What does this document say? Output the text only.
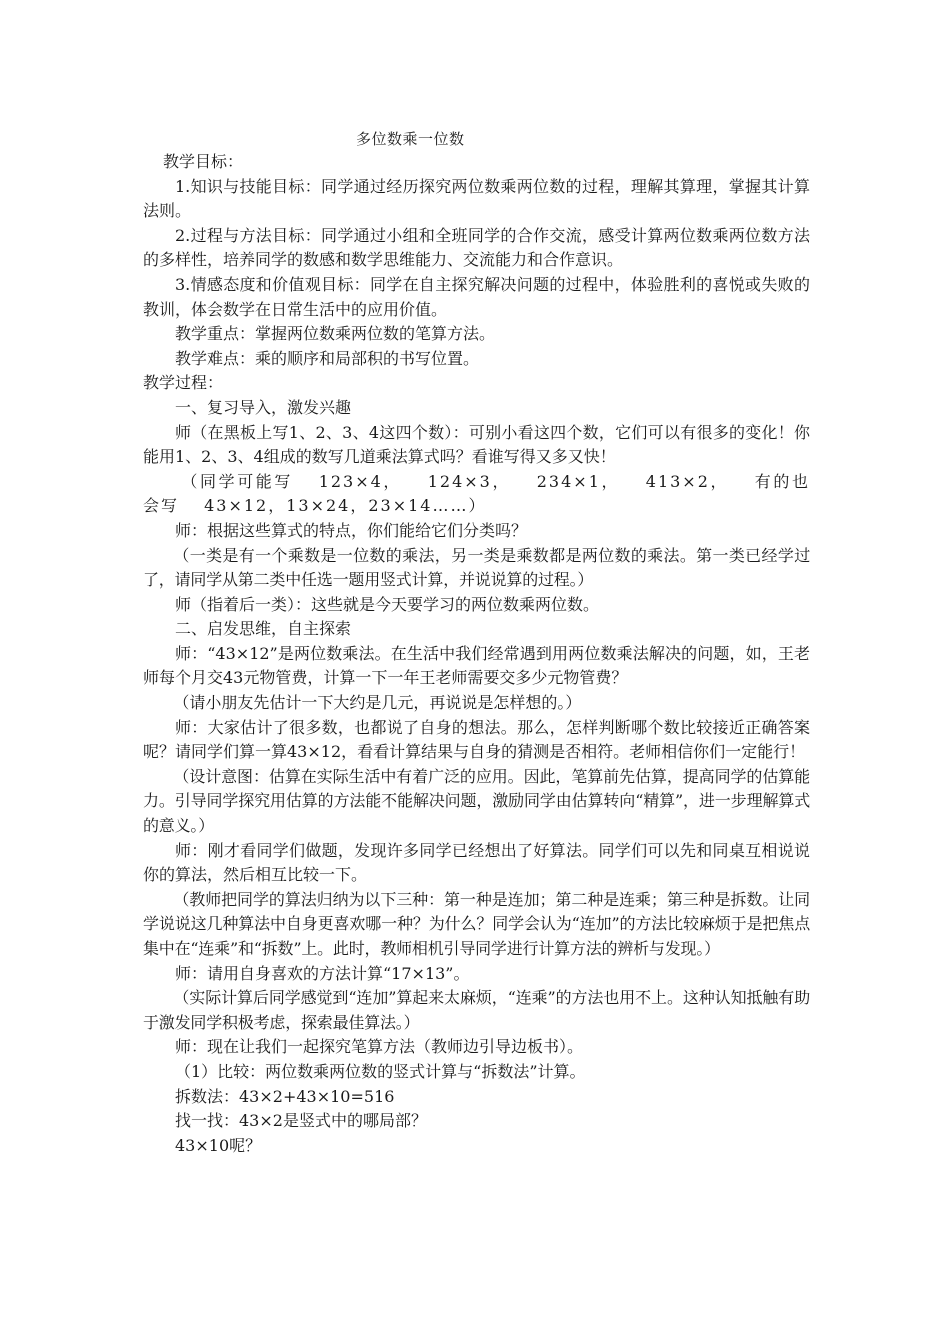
多位数乘一位数

教学目标：

1.知识与技能目标：同学通过经历探究两位数乘两位数的过程，理解其算理，掌握其计算法则。

2.过程与方法目标：同学通过小组和全班同学的合作交流，感受计算两位数乘两位数方法的多样性，培养同学的数感和数学思维能力、交流能力和合作意识。

3.情感态度和价值观目标：同学在自主探究解决问题的过程中，体验胜利的喜悦或失败的教训，体会数学在日常生活中的应用价值。

教学重点：掌握两位数乘两位数的笔算方法。

教学难点：乘的顺序和局部积的书写位置。

教学过程：

一、复习导入，激发兴趣

师（在黑板上写1、2、3、4这四个数）：可别小看这四个数，它们可以有很多的变化！你能用1、2、3、4组成的数写几道乘法算式吗？看谁写得又多又快！

（同学可能写 123×4， 124×3， 234×1， 413×2， 有的也会写 43×12，13×24，23×14……）

师：根据这些算式的特点，你们能给它们分类吗？

（一类是有一个乘数是一位数的乘法，另一类是乘数都是两位数的乘法。第一类已经学过了，请同学从第二类中任选一题用竖式计算，并说说算的过程。）

师（指着后一类）：这些就是今天要学习的两位数乘两位数。

二、启发思维，自主探索

师：“43×12”是两位数乘法。在生活中我们经常遇到用两位数乘法解决的问题，如，王老师每个月交43元物管费，计算一下一年王老师需要交多少元物管费？

（请小朋友先估计一下大约是几元，再说说是怎样想的。）

师：大家估计了很多数，也都说了自身的想法。那么，怎样判断哪个数比较接近正确答案呢？请同学们算一算43×12，看看计算结果与自身的猜测是否相符。老师相信你们一定能行！

（设计意图：估算在实际生活中有着广泛的应用。因此，笔算前先估算，提高同学的估算能力。引导同学探究用估算的方法能不能解决问题，激励同学由估算转向“精算”，进一步理解算式的意义。）

师：刚才看同学们做题，发现许多同学已经想出了好算法。同学们可以先和同桌互相说说你的算法，然后相互比较一下。

（教师把同学的算法归纳为以下三种：第一种是连加；第二种是连乘；第三种是拆数。让同学说说这几种算法中自身更喜欢哪一种？为什么？同学会认为“连加”的方法比较麻烦于是把焦点集中在“连乘”和“拆数”上。此时，教师相机引导同学进行计算方法的辨析与发现。）

师：请用自身喜欢的方法计算“17×13”。

（实际计算后同学感觉到“连加”算起来太麻烦，“连乘”的方法也用不上。这种认知抵触有助于激发同学积极考虑，探索最佳算法。）

师：现在让我们一起探究笔算方法（教师边引导边板书）。

（1）比较：两位数乘两位数的竖式计算与“拆数法”计算。

拆数法：43×2+43×10=516

找一找：43×2是竖式中的哪局部？

43×10呢？
